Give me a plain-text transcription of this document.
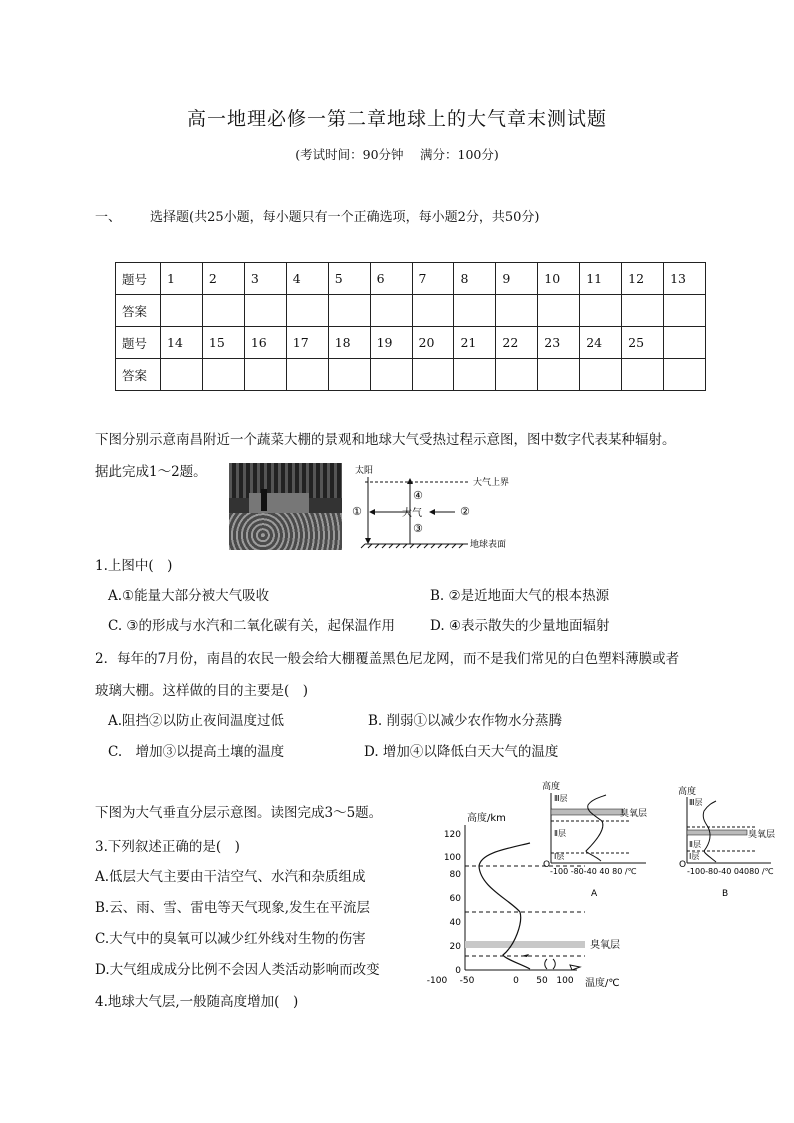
高一地理必修一第二章地球上的大气章末测试题
(考试时间：90分钟　 满分：100分)
一、 选择题(共25小题，每小题只有一个正确选项，每小题2分，共50分)
题号	1	2	3	4	5	6	7	8	9	10	11	12	13
答案													
题号	14	15	16	17	18	19	20	21	22	23	24	25	
答案													
下图分别示意南昌附近一个蔬菜大棚的景观和地球大气受热过程示意图，图中数字代表某种辐射。
据此完成1～2题。	太阳
大气上界
地球表面
①	②
大气
④
③
1.上图中(　)
A.①能量大部分被大气吸收	B. ②是近地面大气的根本热源
C. ③的形成与水汽和二氧化碳有关，起保温作用	D. ④表示散失的少量地面辐射
2．每年的7月份，南昌的农民一般会给大棚覆盖黑色尼龙网，而不是我们常见的白色塑料薄膜或者
玻璃大棚。这样做的目的主要是(　)
A.阻挡②以防止夜间温度过低	B. 削弱①以减少农作物水分蒸腾
C.　增加③以提高土壤的温度	D. 增加④以降低白天大气的温度
下图为大气垂直分层示意图。读图完成3～5题。
3.下列叙述正确的是(　)
A.低层大气主要由干洁空气、水汽和杂质组成
B.云、雨、雪、雷电等天气现象,发生在平流层
C.大气中的臭氧可以减少红外线对生物的伤害
D.大气组成成分比例不会因人类活动影响而改变
4.地球大气层,一般随高度增加(　)
高度/km
0
20
40
60
80
100
120
-100 -50	0 50 100
臭氧层
温度/℃
高度
O
Ⅲ层
Ⅱ层
Ⅰ层
臭氧层
-100 -80-40 40 80 /℃
A
高度
O
Ⅲ层
Ⅱ层
Ⅰ层
臭氧层
-100-80-40 04080 /℃
B
